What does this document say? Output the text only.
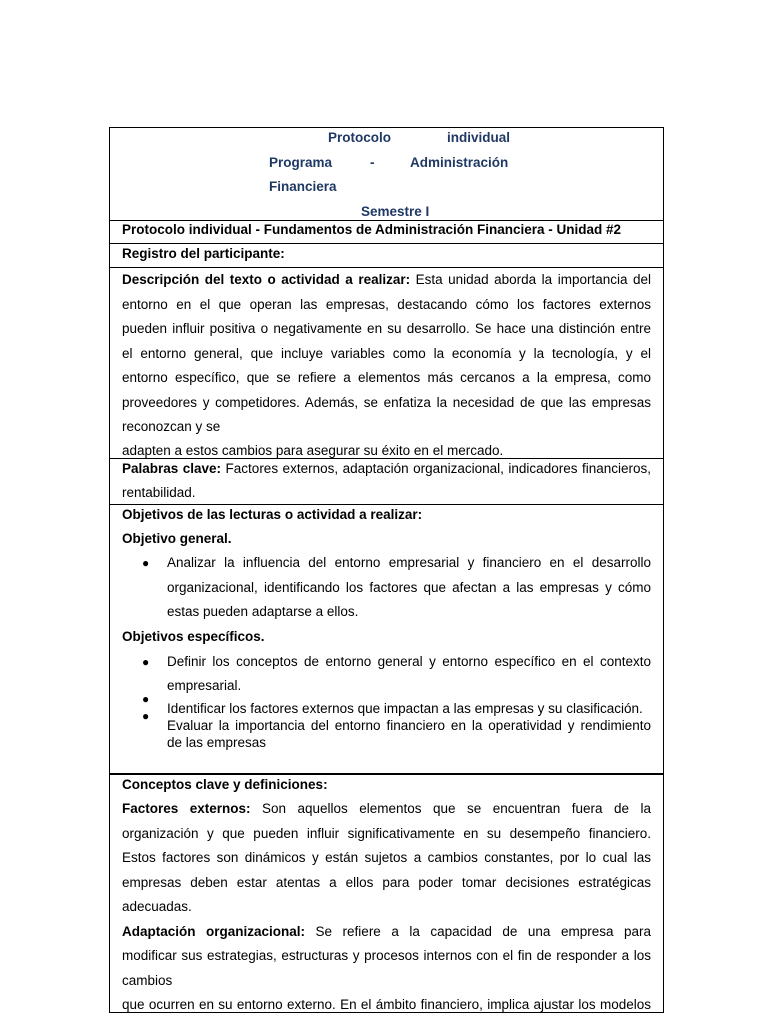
Protocolo	individual
Programa	-	Administración
Financiera
Semestre I
Protocolo individual - Fundamentos de Administración Financiera - Unidad #2
Registro del participante:
Descripción del texto o actividad a realizar: Esta unidad aborda la importancia del
entorno en el que operan las empresas, destacando cómo los factores externos
pueden influir positiva o negativamente en su desarrollo. Se hace una distinción entre
el entorno general, que incluye variables como la economía y la tecnología, y el
entorno específico, que se refiere a elementos más cercanos a la empresa, como
proveedores y competidores. Además, se enfatiza la necesidad de que las empresas
reconozcan y se
adapten a estos cambios para asegurar su éxito en el mercado.
Palabras clave: Factores externos, adaptación organizacional, indicadores financieros,
rentabilidad.
Objetivos de las lecturas o actividad a realizar:
Objetivo general.
● Analizar la influencia del entorno empresarial y financiero en el desarrollo
organizacional, identificando los factores que afectan a las empresas y cómo
estas pueden adaptarse a ellos.
Objetivos específicos.
● Definir los conceptos de entorno general y entorno específico en el contexto
empresarial.
●
Identificar los factores externos que impactan a las empresas y su clasificación.
●
Evaluar la importancia del entorno financiero en la operatividad y rendimiento
de las empresas
Conceptos clave y definiciones:
Factores externos: Son aquellos elementos que se encuentran fuera de la
organización y que pueden influir significativamente en su desempeño financiero.
Estos factores son dinámicos y están sujetos a cambios constantes, por lo cual las
empresas deben estar atentas a ellos para poder tomar decisiones estratégicas
adecuadas.
Adaptación organizacional: Se refiere a la capacidad de una empresa para
modificar sus estrategias, estructuras y procesos internos con el fin de responder a los
cambios
que ocurren en su entorno externo. En el ámbito financiero, implica ajustar los modelos
